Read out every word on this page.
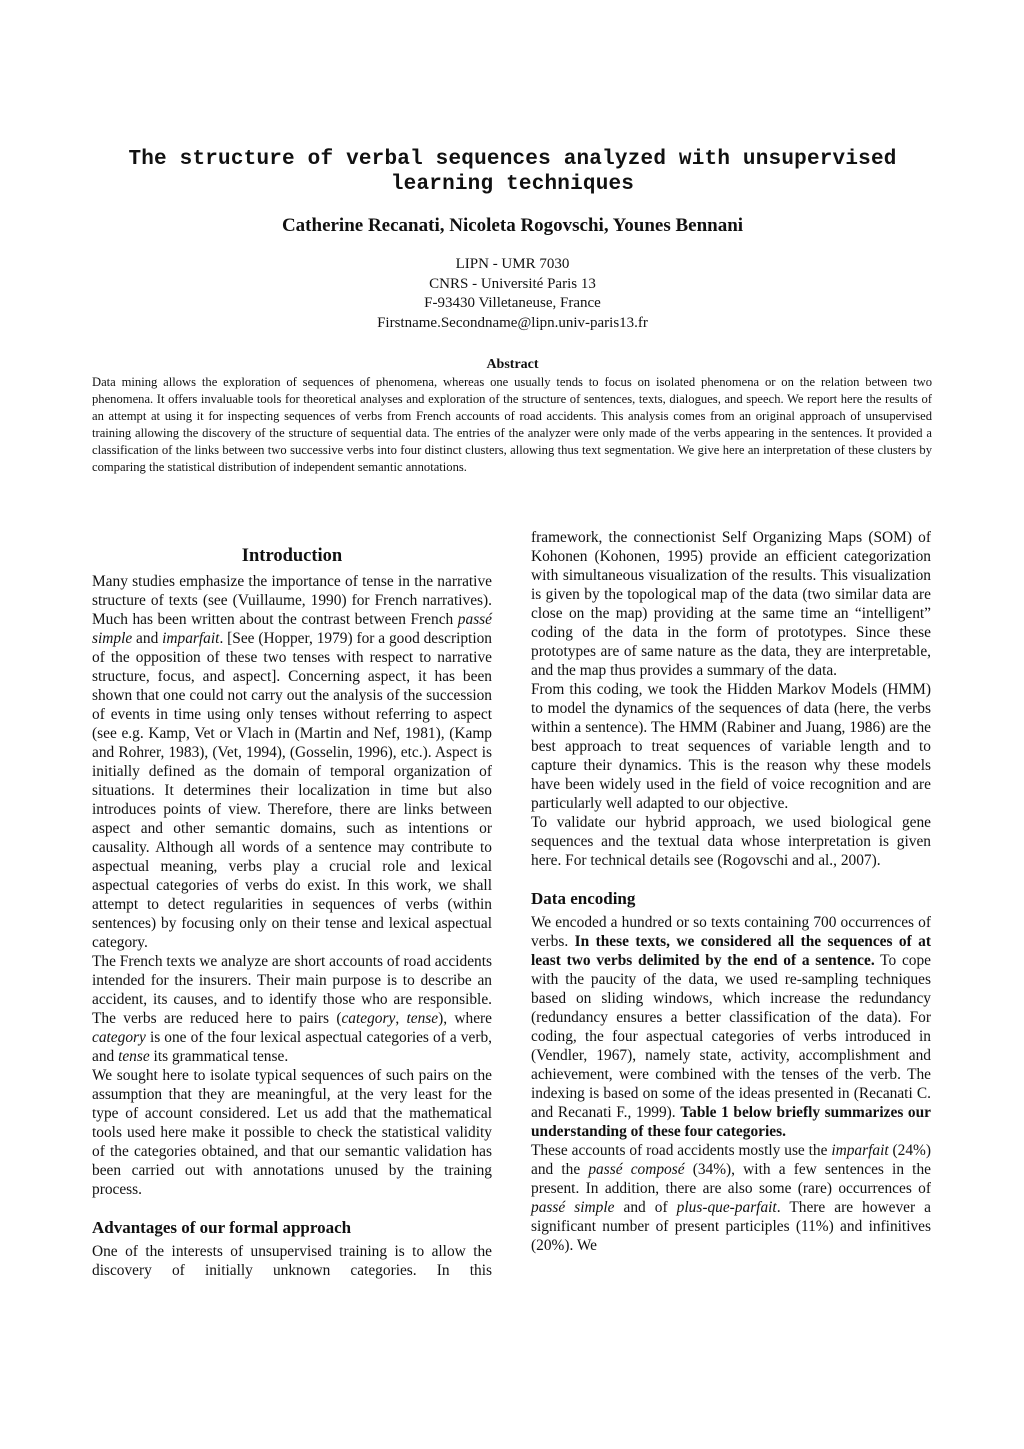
The structure of verbal sequences analyzed with unsupervised
learning techniques
Catherine Recanati, Nicoleta Rogovschi, Younes Bennani
LIPN - UMR 7030
CNRS - Université Paris 13
F-93430 Villetaneuse, France
Firstname.Secondname@lipn.univ-paris13.fr
Abstract
Data mining allows the exploration of sequences of phenomena, whereas one usually tends to focus on isolated phenomena or on the relation between two phenomena. It offers invaluable tools for theoretical analyses and exploration of the structure of sentences, texts, dialogues, and speech. We report here the results of an attempt at using it for inspecting sequences of verbs from French accounts of road accidents. This analysis comes from an original approach of unsupervised training allowing the discovery of the structure of sequential data. The entries of the analyzer were only made of the verbs appearing in the sentences. It provided a classification of the links between two successive verbs into four distinct clusters, allowing thus text segmentation. We give here an interpretation of these clusters by comparing the statistical distribution of independent semantic annotations.
Introduction

Many studies emphasize the importance of tense in the narrative structure of texts (see (Vuillaume, 1990) for French narratives). Much has been written about the contrast between French passé simple and imparfait. [See (Hopper, 1979) for a good description of the opposition of these two tenses with respect to narrative structure, focus, and aspect]. Concerning aspect, it has been shown that one could not carry out the analysis of the succession of events in time using only tenses without referring to aspect (see e.g. Kamp, Vet or Vlach in (Martin and Nef, 1981), (Kamp and Rohrer, 1983), (Vet, 1994), (Gosselin, 1996), etc.). Aspect is initially defined as the domain of temporal organization of situations. It determines their localization in time but also introduces points of view. Therefore, there are links between aspect and other semantic domains, such as intentions or causality. Although all words of a sentence may contribute to aspectual meaning, verbs play a crucial role and lexical aspectual categories of verbs do exist. In this work, we shall attempt to detect regularities in sequences of verbs (within sentences) by focusing only on their tense and lexical aspectual category.

The French texts we analyze are short accounts of road accidents intended for the insurers. Their main purpose is to describe an accident, its causes, and to identify those who are responsible. The verbs are reduced here to pairs (category, tense), where category is one of the four lexical aspectual categories of a verb, and tense its grammatical tense.

We sought here to isolate typical sequences of such pairs on the assumption that they are meaningful, at the very least for the type of account considered. Let us add that the mathematical tools used here make it possible to check the statistical validity of the categories obtained, and that our semantic validation has been carried out with annotations unused by the training process.

Advantages of our formal approach

One of the interests of unsupervised training is to allow the discovery of initially unknown categories. In this

framework, the connectionist Self Organizing Maps (SOM) of Kohonen (Kohonen, 1995) provide an efficient categorization with simultaneous visualization of the results. This visualization is given by the topological map of the data (two similar data are close on the map) providing at the same time an “intelligent” coding of the data in the form of prototypes. Since these prototypes are of same nature as the data, they are interpretable, and the map thus provides a summary of the data.

From this coding, we took the Hidden Markov Models (HMM) to model the dynamics of the sequences of data (here, the verbs within a sentence). The HMM (Rabiner and Juang, 1986) are the best approach to treat sequences of variable length and to capture their dynamics. This is the reason why these models have been widely used in the field of voice recognition and are particularly well adapted to our objective.

To validate our hybrid approach, we used biological gene sequences and the textual data whose interpretation is given here. For technical details see (Rogovschi and al., 2007).

Data encoding

We encoded a hundred or so texts containing 700 occurrences of verbs. In these texts, we considered all the sequences of at least two verbs delimited by the end of a sentence. To cope with the paucity of the data, we used re-sampling techniques based on sliding windows, which increase the redundancy (redundancy ensures a better classification of the data). For coding, the four aspectual categories of verbs introduced in (Vendler, 1967), namely state, activity, accomplishment and achievement, were combined with the tenses of the verb. The indexing is based on some of the ideas presented in (Recanati C. and Recanati F., 1999). Table 1 below briefly summarizes our understanding of these four categories.

These accounts of road accidents mostly use the imparfait (24%) and the passé composé (34%), with a few sentences in the present. In addition, there are also some (rare) occurrences of passé simple and of plus-que-parfait. There are however a significant number of present participles (11%) and infinitives (20%). We
